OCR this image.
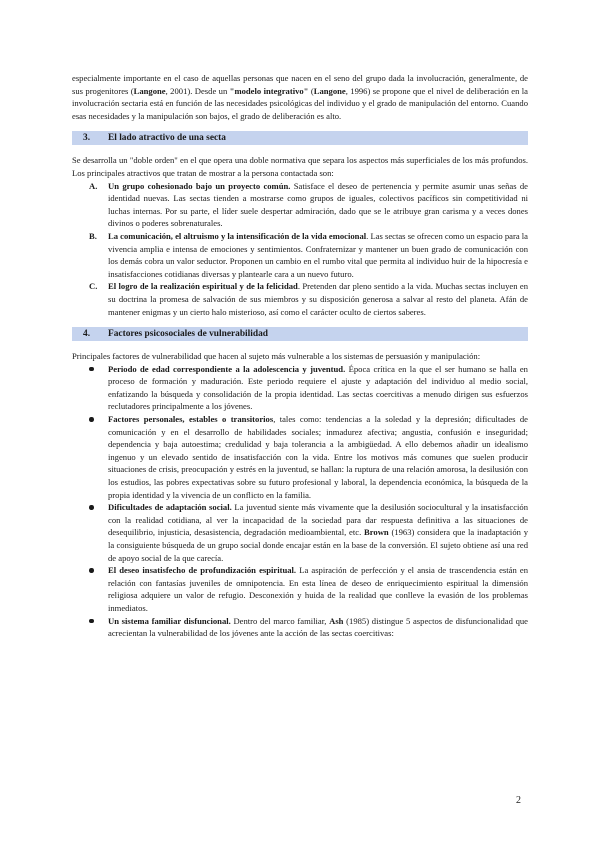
especialmente importante en el caso de aquellas personas que nacen en el seno del grupo dada la involucración, generalmente, de sus progenitores (Langone, 2001). Desde un "modelo integrativo" (Langone, 1996) se propone que el nivel de deliberación en la involucración sectaria está en función de las necesidades psicológicas del individuo y el grado de manipulación del entorno. Cuando esas necesidades y la manipulación son bajos, el grado de deliberación es alto.

3. El lado atractivo de una secta

Se desarrolla un "doble orden" en el que opera una doble normativa que separa los aspectos más superficiales de los más profundos. Los principales atractivos que tratan de mostrar a la persona contactada son:

A. Un grupo cohesionado bajo un proyecto común. Satisface el deseo de pertenencia y permite asumir unas señas de identidad nuevas. Las sectas tienden a mostrarse como grupos de iguales, colectivos pacíficos sin competitividad ni luchas internas. Por su parte, el líder suele despertar admiración, dado que se le atribuye gran carisma y a veces dones divinos o poderes sobrenaturales.
B. La comunicación, el altruismo y la intensificación de la vida emocional. Las sectas se ofrecen como un espacio para la vivencia amplia e intensa de emociones y sentimientos. Confraternizar y mantener un buen grado de comunicación con los demás cobra un valor seductor. Proponen un cambio en el rumbo vital que permita al individuo huir de la hipocresía e insatisfacciones cotidianas diversas y plantearle cara a un nuevo futuro.
C. El logro de la realización espiritual y de la felicidad. Pretenden dar pleno sentido a la vida. Muchas sectas incluyen en su doctrina la promesa de salvación de sus miembros y su disposición generosa a salvar al resto del planeta. Afán de mantener enigmas y un cierto halo misterioso, así como el carácter oculto de ciertos saberes.
4. Factores psicosociales de vulnerabilidad

Principales factores de vulnerabilidad que hacen al sujeto más vulnerable a los sistemas de persuasión y manipulación:

Periodo de edad correspondiente a la adolescencia y juventud. Época crítica en la que el ser humano se halla en proceso de formación y maduración. Este periodo requiere el ajuste y adaptación del individuo al medio social, enfatizando la búsqueda y consolidación de la propia identidad. Las sectas coercitivas a menudo dirigen sus esfuerzos reclutadores principalmente a los jóvenes.
Factores personales, estables o transitorios, tales como: tendencias a la soledad y la depresión; dificultades de comunicación y en el desarrollo de habilidades sociales; inmadurez afectiva; angustia, confusión e inseguridad; dependencia y baja autoestima; credulidad y baja tolerancia a la ambigüedad. A ello debemos añadir un idealismo ingenuo y un elevado sentido de insatisfacción con la vida. Entre los motivos más comunes que suelen producir situaciones de crisis, preocupación y estrés en la juventud, se hallan: la ruptura de una relación amorosa, la desilusión con los estudios, las pobres expectativas sobre su futuro profesional y laboral, la dependencia económica, la búsqueda de la propia identidad y la vivencia de un conflicto en la familia.
Dificultades de adaptación social. La juventud siente más vivamente que la desilusión sociocultural y la insatisfacción con la realidad cotidiana, al ver la incapacidad de la sociedad para dar respuesta definitiva a las situaciones de desequilibrio, injusticia, desasistencia, degradación medioambiental, etc. Brown (1963) considera que la inadaptación y la consiguiente búsqueda de un grupo social donde encajar están en la base de la conversión. El sujeto obtiene así una red de apoyo social de la que carecía.
El deseo insatisfecho de profundización espiritual. La aspiración de perfección y el ansia de trascendencia están en relación con fantasías juveniles de omnipotencia. En esta línea de deseo de enriquecimiento espiritual la dimensión religiosa adquiere un valor de refugio. Desconexión y huida de la realidad que conlleve la evasión de los problemas inmediatos.
Un sistema familiar disfuncional. Dentro del marco familiar, Ash (1985) distingue 5 aspectos de disfuncionalidad que acrecientan la vulnerabilidad de los jóvenes ante la acción de las sectas coercitivas:
2
